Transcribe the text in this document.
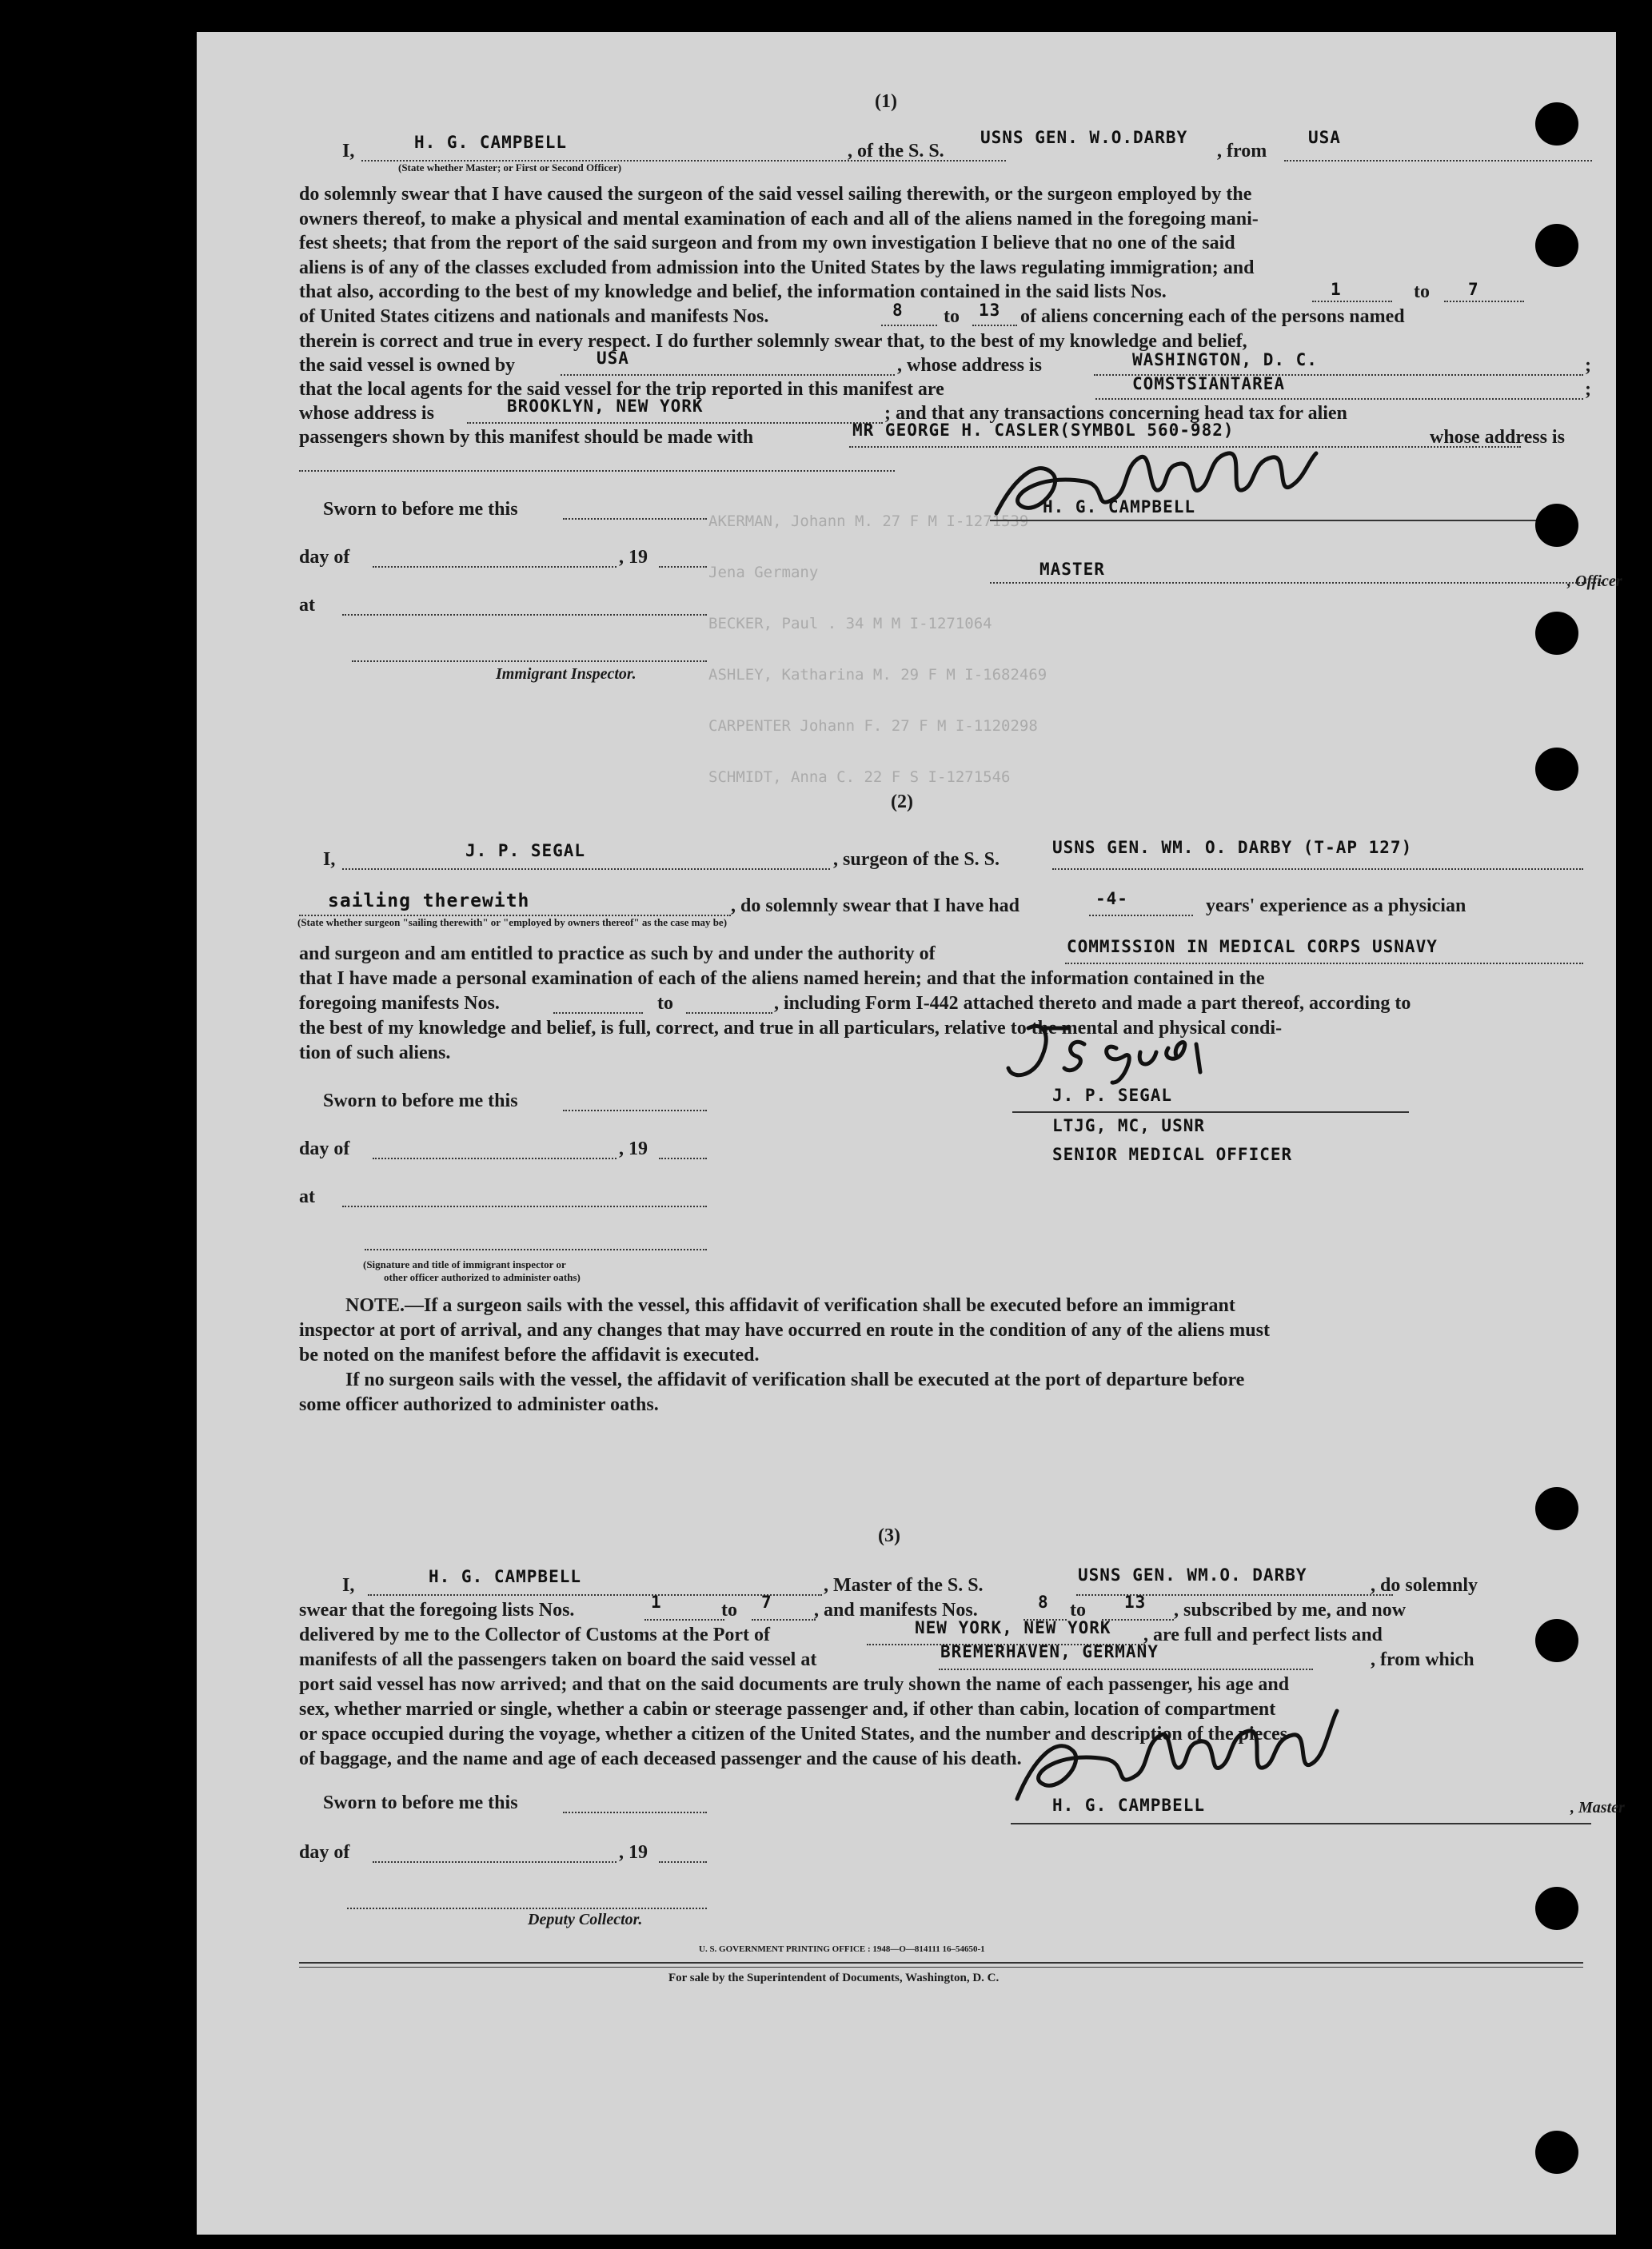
AKERMAN, Johann M. 27 F M I-1271539
Jena Germany
BECKER, Paul . 34 M M I-1271064
ASHLEY, Katharina M. 29 F M I-1682469
CARPENTER Johann F. 27 F M I-1120298
SCHMIDT, Anna C. 22 F S I-1271546
(1)
I,	H. G. CAMPBELL	, of the S. S.
USNS GEN. W.O.DARBY
, from
USA
(State whether Master; or First or Second Officer)
do solemnly swear that I have caused the surgeon of the said vessel sailing therewith, or the surgeon employed by the
owners thereof, to make a physical and mental examination of each and all of the aliens named in the foregoing mani-
fest sheets; that from the report of the said surgeon and from my own investigation I believe that no one of the said
aliens is of any of the classes excluded from admission into the United States by the laws regulating immigration; and
that also, according to the best of my knowledge and belief, the information contained in the said lists Nos.	1	to 7
of United States citizens and nationals and manifests Nos.	8 to 13 of aliens concerning each of the persons named
therein is correct and true in every respect. I do further solemnly swear that, to the best of my knowledge and belief,
the said vessel is owned by	USA	, whose address is	WASHINGTON, D. C.	;
that the local agents for the said vessel for the trip reported in this manifest are	COMSTSIANTAREA	;
whose address is	BROOKLYN, NEW YORK	; and that any transactions concerning head tax for alien
passengers shown by this manifest should be made with	MR GEORGE H. CASLER(SYMBOL 560-982)	whose address is
Sworn to before me this
day of	, 19
at
Immigrant Inspector.
H. G. CAMPBELL
MASTER
, Officer
(2)
I,	J. P. SEGAL	, surgeon of the S. S.
USNS GEN. WM. O. DARBY (T-AP 127)
sailing therewith	, do solemnly swear that I have had	-4-	years' experience as a physician
(State whether surgeon "sailing therewith" or "employed by owners thereof" as the case may be)
and surgeon and am entitled to practice as such by and under the authority of	COMMISSION IN MEDICAL CORPS USNAVY
that I have made a personal examination of each of the aliens named herein; and that the information contained in the
foregoing manifests Nos.	to	, including Form I-442 attached thereto and made a part thereof, according to
the best of my knowledge and belief, is full, correct, and true in all particulars, relative to the mental and physical condi-
tion of such aliens.
Sworn to before me this
day of	, 19
at
(Signature and title of immigrant inspector or
other officer authorized to administer oaths)
J. P. SEGAL
LTJG, MC, USNR
SENIOR MEDICAL OFFICER
NOTE.—If a surgeon sails with the vessel, this affidavit of verification shall be executed before an immigrant
inspector at port of arrival, and any changes that may have occurred en route in the condition of any of the aliens must
be noted on the manifest before the affidavit is executed.
If no surgeon sails with the vessel, the affidavit of verification shall be executed at the port of departure before
some officer authorized to administer oaths.
(3)
I,	H. G. CAMPBELL	, Master of the S. S.	USNS GEN. WM.O. DARBY	, do solemnly
swear that the foregoing lists Nos.	1	to 7 , and manifests Nos.	8 to 13 , subscribed by me, and now
delivered by me to the Collector of Customs at the Port of	NEW YORK, NEW YORK , are full and perfect lists and
manifests of all the passengers taken on board the said vessel at	BREMERHAVEN, GERMANY	, from which
port said vessel has now arrived; and that on the said documents are truly shown the name of each passenger, his age and
sex, whether married or single, whether a cabin or steerage passenger and, if other than cabin, location of compartment
or space occupied during the voyage, whether a citizen of the United States, and the number and description of the pieces
of baggage, and the name and age of each deceased passenger and the cause of his death.
Sworn to before me this
day of	, 19
Deputy Collector.
H. G. CAMPBELL	, Master
U. S. GOVERNMENT PRINTING OFFICE : 1948—O—814111 16–54650-1
For sale by the Superintendent of Documents, Washington, D. C.
